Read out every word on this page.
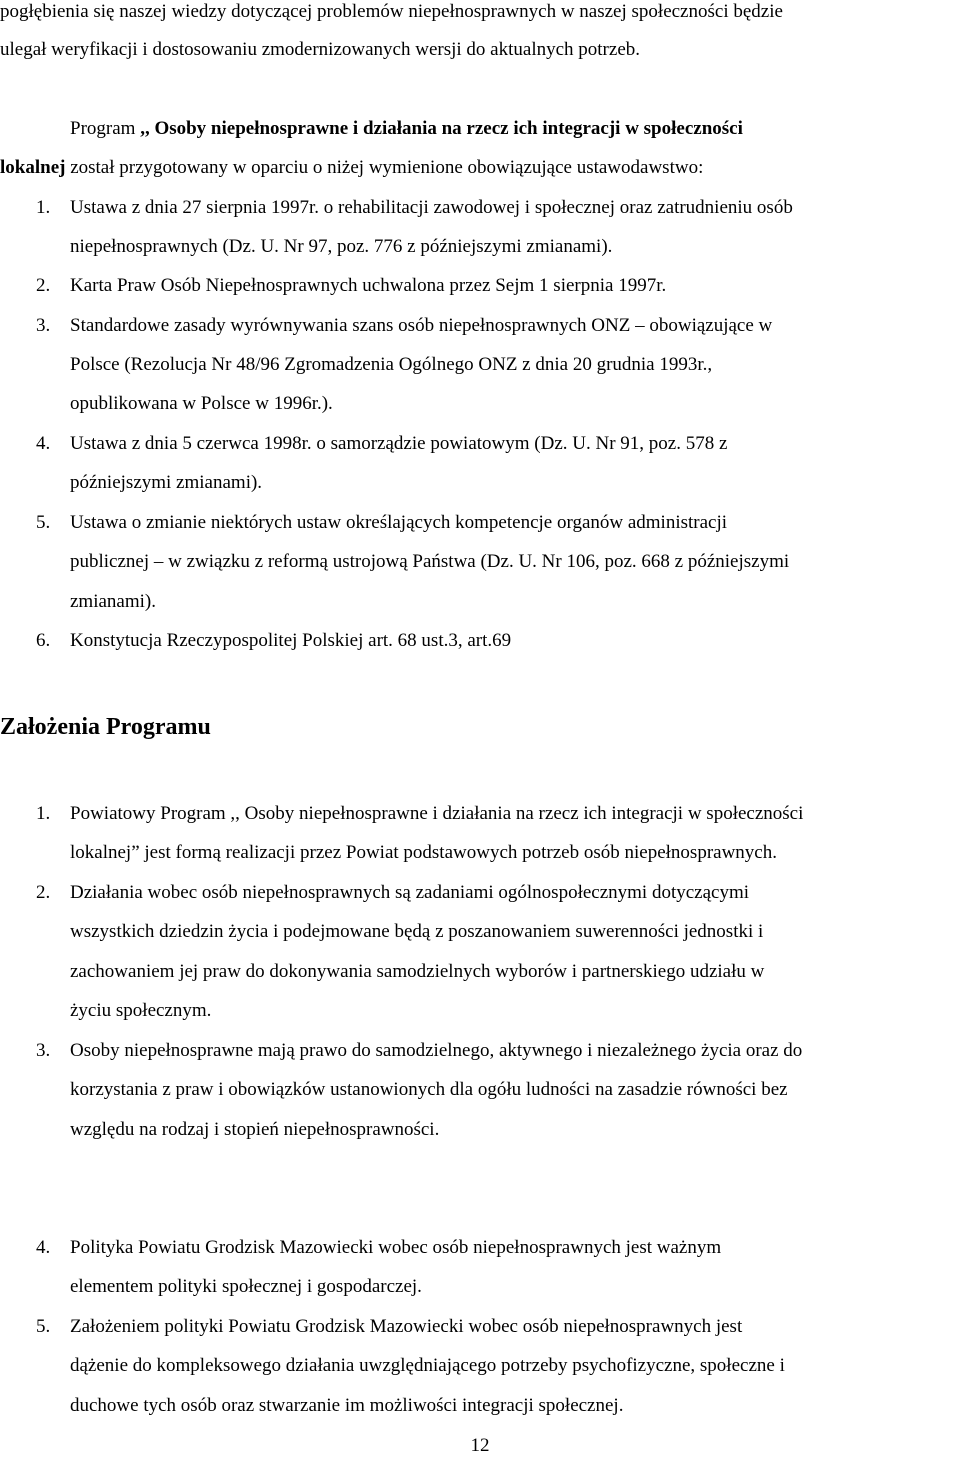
pogłębienia się naszej wiedzy dotyczącej problemów niepełnosprawnych w naszej społeczności będzie

ulegał weryfikacji i dostosowaniu zmodernizowanych wersji do aktualnych potrzeb.

Program ,, Osoby niepełnosprawne i działania na rzecz ich integracji w społeczności

lokalnej został przygotowany w oparciu o niżej wymienione obowiązujące ustawodawstwo:

1. Ustawa z dnia 27 sierpnia 1997r. o rehabilitacji zawodowej i społecznej oraz zatrudnieniu osób

niepełnosprawnych (Dz. U. Nr 97, poz. 776 z późniejszymi zmianami).

2. Karta Praw Osób Niepełnosprawnych uchwalona przez Sejm 1 sierpnia 1997r.

3. Standardowe zasady wyrównywania szans osób niepełnosprawnych ONZ – obowiązujące w

Polsce (Rezolucja Nr 48/96 Zgromadzenia Ogólnego ONZ z dnia 20 grudnia 1993r.,

opublikowana w Polsce w 1996r.).

4. Ustawa z dnia 5 czerwca 1998r. o samorządzie powiatowym (Dz. U. Nr 91, poz. 578 z

późniejszymi zmianami).

5. Ustawa o zmianie niektórych ustaw określających kompetencje organów administracji

publicznej – w związku z reformą ustrojową Państwa (Dz. U. Nr 106, poz. 668 z późniejszymi

zmianami).

6. Konstytucja Rzeczypospolitej Polskiej art. 68 ust.3, art.69

Założenia Programu

1. Powiatowy Program ,, Osoby niepełnosprawne i działania na rzecz ich integracji w społeczności

lokalnej” jest formą realizacji przez Powiat podstawowych potrzeb osób niepełnosprawnych.

2. Działania wobec osób niepełnosprawnych są zadaniami ogólnospołecznymi dotyczącymi

wszystkich dziedzin życia i podejmowane będą z poszanowaniem suwerenności jednostki i

zachowaniem jej praw do dokonywania samodzielnych wyborów i partnerskiego udziału w

życiu społecznym.

3. Osoby niepełnosprawne mają prawo do samodzielnego, aktywnego i niezależnego życia oraz do

korzystania z praw i obowiązków ustanowionych dla ogółu ludności na zasadzie równości bez

względu na rodzaj i stopień niepełnosprawności.

4. Polityka Powiatu Grodzisk Mazowiecki wobec osób niepełnosprawnych jest ważnym

elementem polityki społecznej i gospodarczej.

5. Założeniem polityki Powiatu Grodzisk Mazowiecki wobec osób niepełnosprawnych jest

dążenie do kompleksowego działania uwzględniającego potrzeby psychofizyczne, społeczne i

duchowe tych osób oraz stwarzanie im możliwości integracji społecznej.

12
